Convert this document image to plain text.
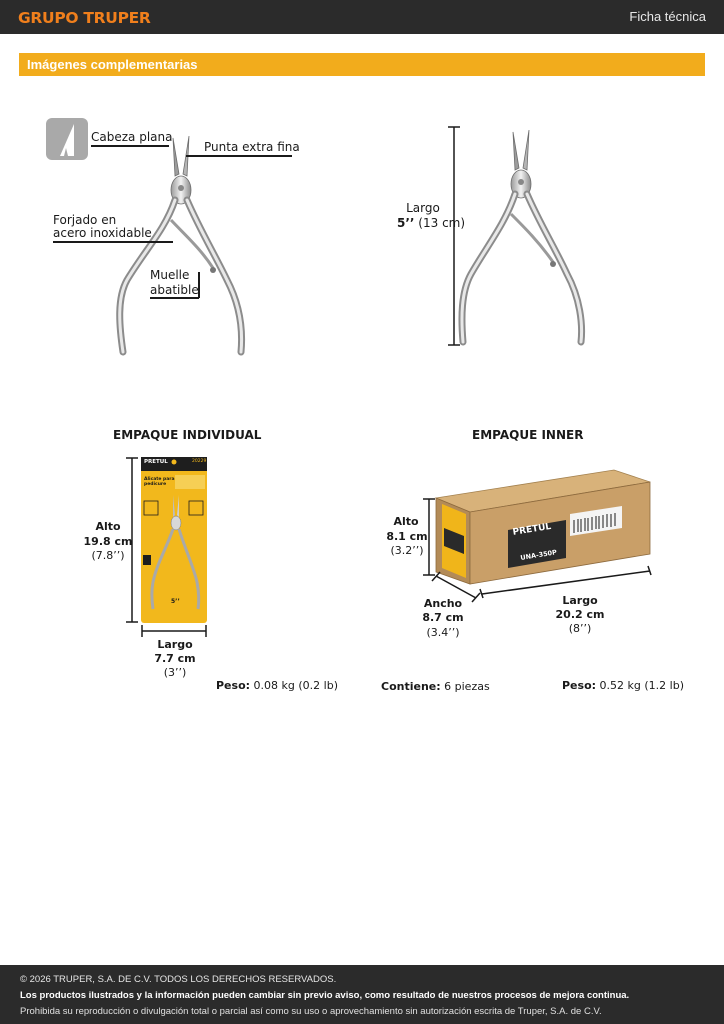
GRUPO TRUPER	Ficha técnica
Imágenes complementarias
Cabeza plana
Punta extra fina
Forjado en
acero inoxidable
Muelle
abatible
Largo
5’’ (13 cm)
EMPAQUE INDIVIDUAL
Alto
19.8 cm
(7.8’’)
PRETUL	20229
Alicate para pedicure
5’’
Largo
7.7 cm
(3’’)
Peso: 0.08 kg (0.2 lb)
EMPAQUE INNER
PRETUL
UNA-350P
Alto
8.1 cm
(3.2’’)
Ancho
8.7 cm
(3.4’’)
Largo
20.2 cm
(8’’)
Contiene: 6 piezas	Peso: 0.52 kg (1.2 lb)
© 2026 TRUPER, S.A. DE C.V. TODOS LOS DERECHOS RESERVADOS.
Los productos ilustrados y la información pueden cambiar sin previo aviso, como resultado de nuestros procesos de mejora continua.
Prohibida su reproducción o divulgación total o parcial así como su uso o aprovechamiento sin autorización escrita de Truper, S.A. de C.V.
